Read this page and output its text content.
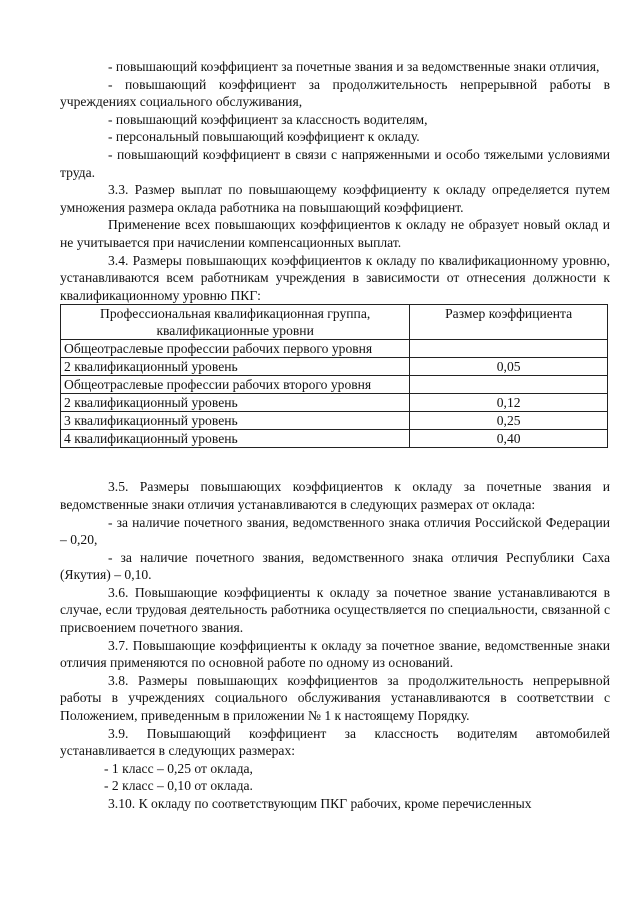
- повышающий коэффициент за почетные звания и за ведомственные знаки отличия,

- повышающий коэффициент за продолжительность непрерывной работы в учреждениях социального обслуживания,

- повышающий коэффициент за классность водителям,

- персональный повышающий коэффициент к окладу.

- повышающий коэффициент в связи с напряженными и особо тяжелыми условиями труда.

3.3. Размер выплат по повышающему коэффициенту к окладу определяется путем умножения размера оклада работника на повышающий коэффициент.

Применение всех повышающих коэффициентов к окладу не образует новый оклад и не учитывается при начислении компенсационных выплат.

3.4. Размеры повышающих коэффициентов к окладу по квалификационному уровню, устанавливаются всем работникам учреждения в зависимости от отнесения должности к квалификационному уровню ПКГ:

Профессиональная квалификационная группа, квалификационные уровни	Размер коэффициента
Общеотраслевые профессии рабочих первого уровня	
2 квалификационный уровень	0,05
Общеотраслевые профессии рабочих второго уровня	
2 квалификационный уровень	0,12
3 квалификационный уровень	0,25
4 квалификационный уровень	0,40

3.5. Размеры повышающих коэффициентов к окладу за почетные звания и ведомственные знаки отличия устанавливаются в следующих размерах от оклада:

- за наличие почетного звания, ведомственного знака отличия Российской Федерации – 0,20,

- за наличие почетного звания, ведомственного знака отличия Республики Саха (Якутия) – 0,10.

3.6. Повышающие коэффициенты к окладу за почетное звание устанавливаются в случае, если трудовая деятельность работника осуществляется по специальности, связанной с присвоением почетного звания.

3.7. Повышающие коэффициенты к окладу за почетное звание, ведомственные знаки отличия применяются по основной работе по одному из оснований.

3.8. Размеры повышающих коэффициентов за продолжительность непрерывной работы в учреждениях социального обслуживания устанавливаются в соответствии с Положением, приведенным в приложении № 1 к настоящему Порядку.

3.9. Повышающий коэффициент за классность водителям автомобилей устанавливается в следующих размерах:

- 1 класс – 0,25 от оклада,

- 2 класс – 0,10 от оклада.

3.10. К окладу по соответствующим ПКГ рабочих, кроме перечисленных
